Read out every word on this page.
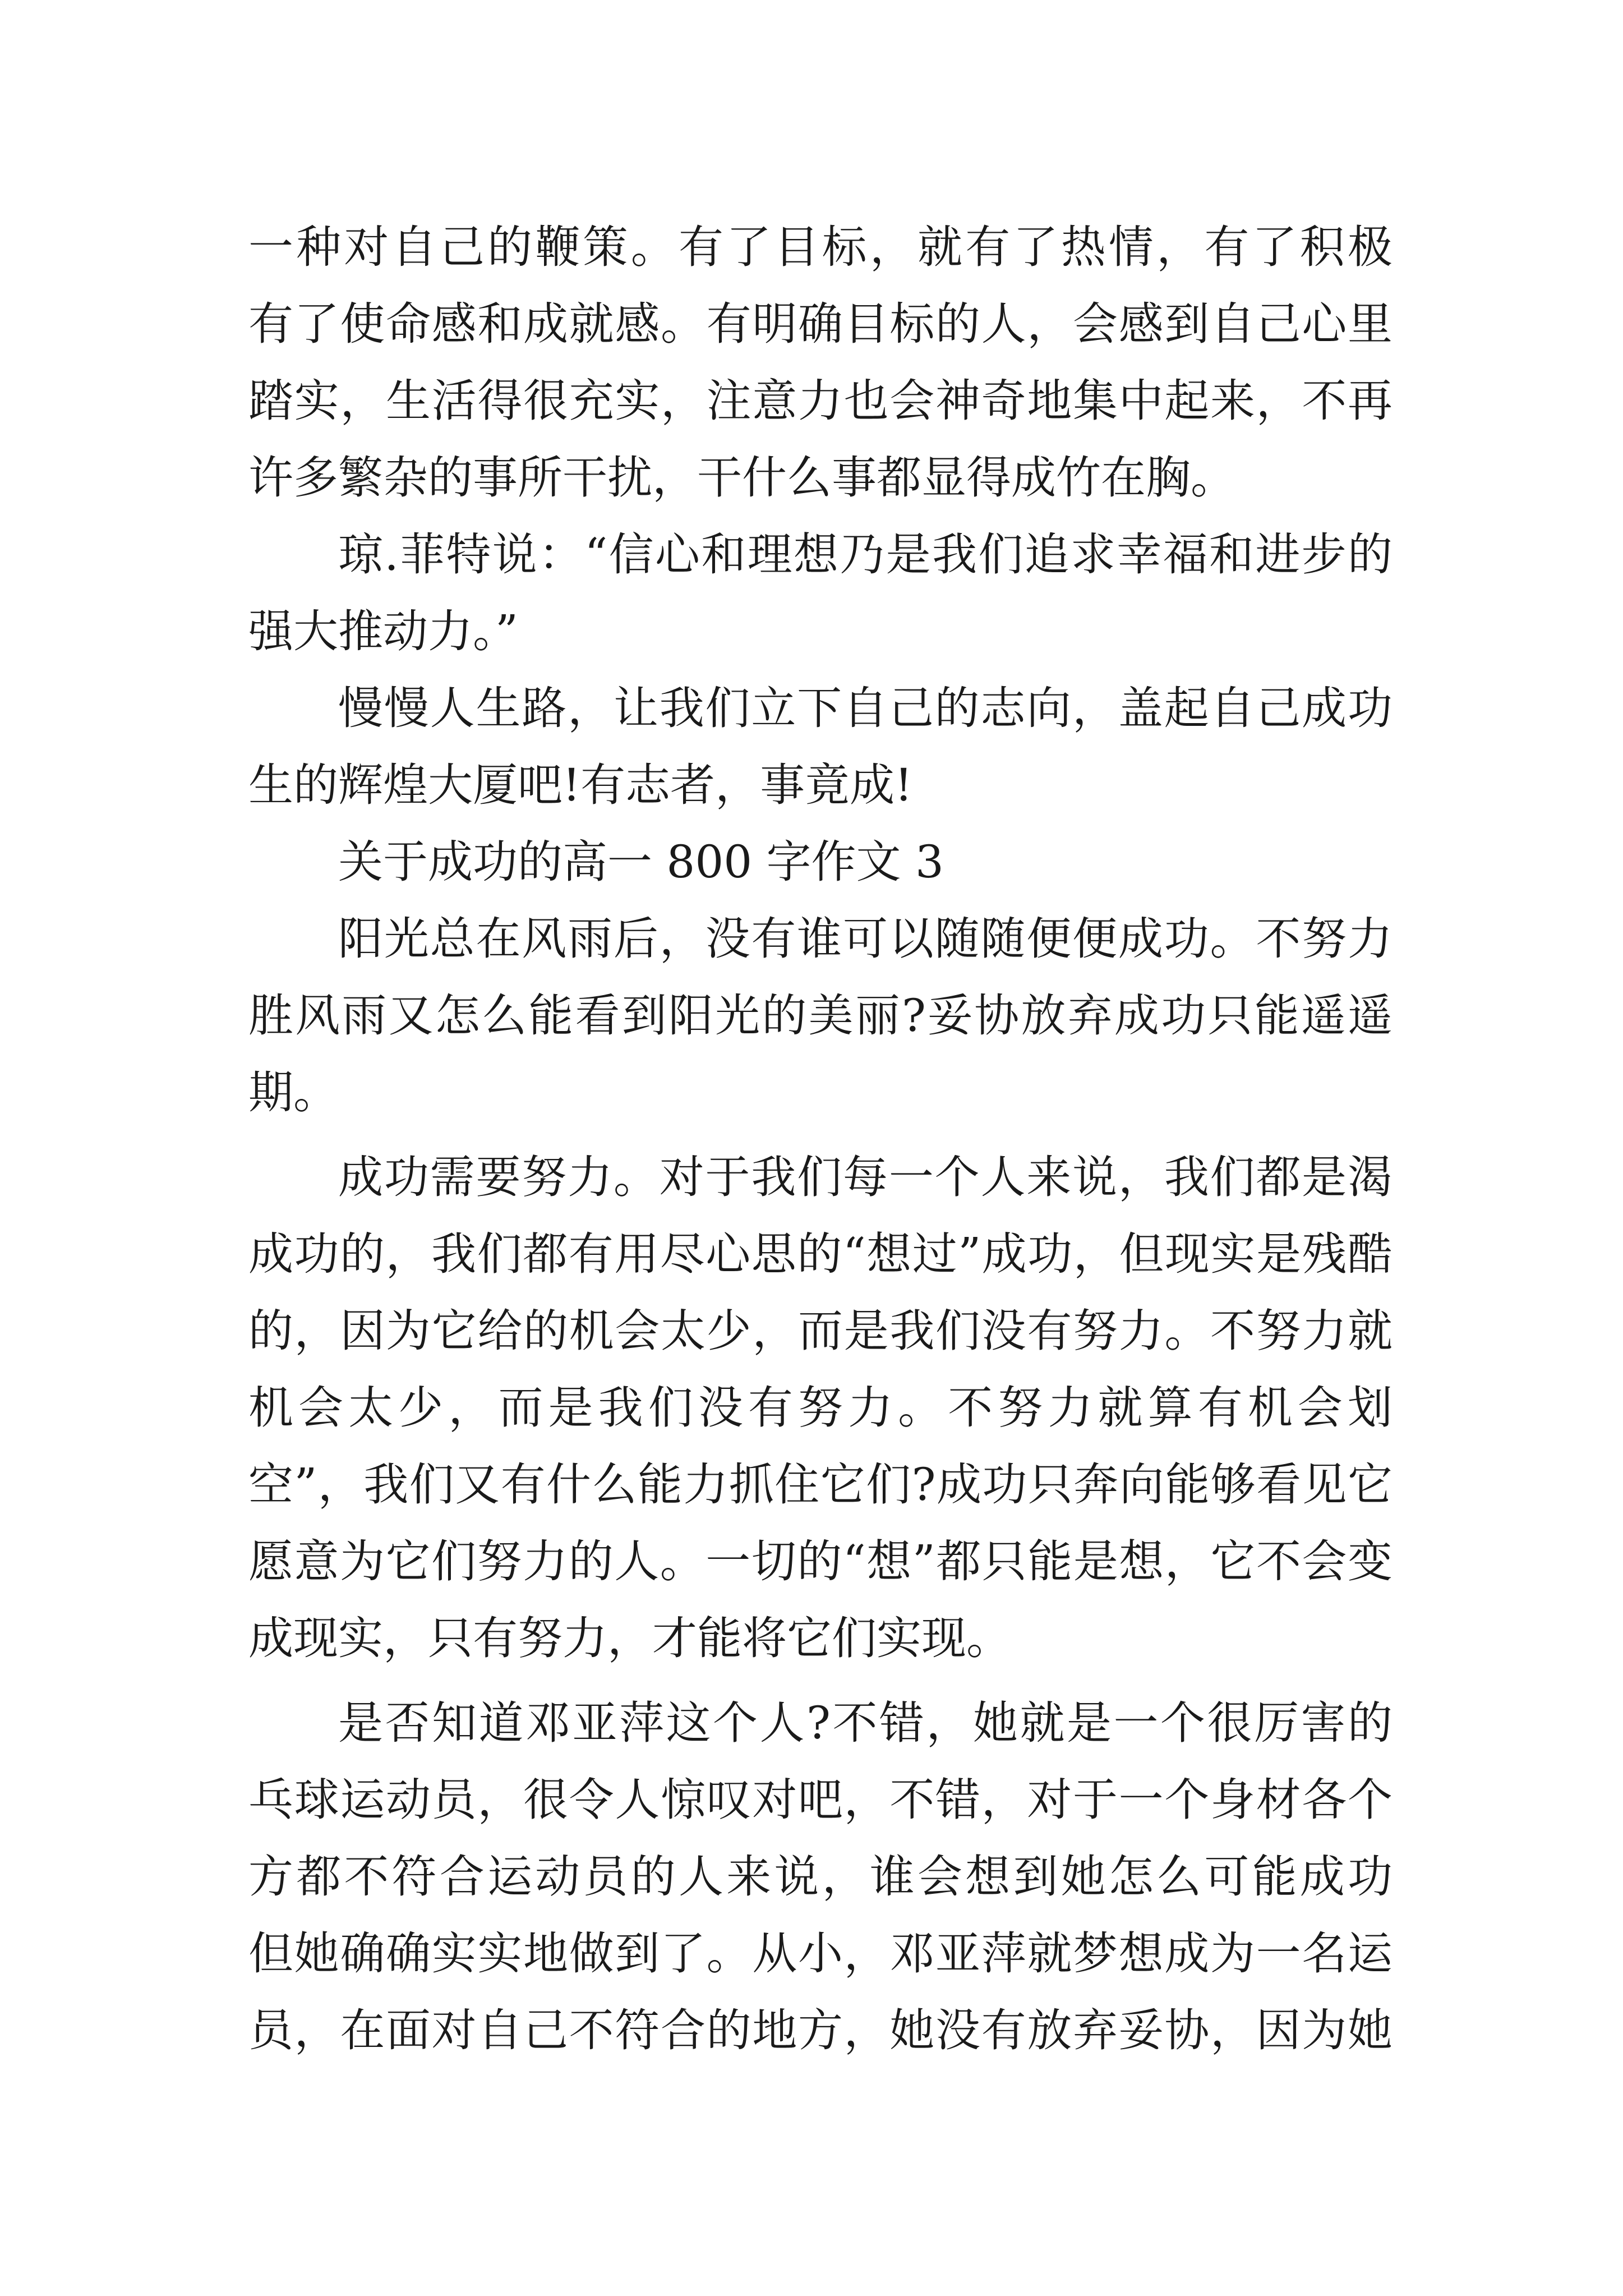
一种对自己的鞭策。有了目标，就有了热情，有了积极
有了使命感和成就感。有明确目标的人，会感到自己心里
踏实，生活得很充实，注意力也会神奇地集中起来，不再
许多繁杂的事所干扰，干什么事都显得成竹在胸。
琼.菲特说：“信心和理想乃是我们追求幸福和进步的
强大推动力。”
慢慢人生路，让我们立下自己的志向，盖起自己成功
生的辉煌大厦吧!有志者，事竟成!
关于成功的高一 800 字作文 3
阳光总在风雨后，没有谁可以随随便便成功。不努力
胜风雨又怎么能看到阳光的美丽?妥协放弃成功只能遥遥
期。
成功需要努力。对于我们每一个人来说，我们都是渴
成功的，我们都有用尽心思的“想过”成功，但现实是残酷
的，因为它给的机会太少，而是我们没有努力。不努力就
机会太少，而是我们没有努力。不努力就算有机会划
空”，我们又有什么能力抓住它们?成功只奔向能够看见它
愿意为它们努力的人。一切的“想”都只能是想，它不会变
成现实，只有努力，才能将它们实现。
是否知道邓亚萍这个人?不错，她就是一个很厉害的
乓球运动员，很令人惊叹对吧，不错，对于一个身材各个
方都不符合运动员的人来说，谁会想到她怎么可能成功
但她确确实实地做到了。从小，邓亚萍就梦想成为一名运
员，在面对自己不符合的地方，她没有放弃妥协，因为她
